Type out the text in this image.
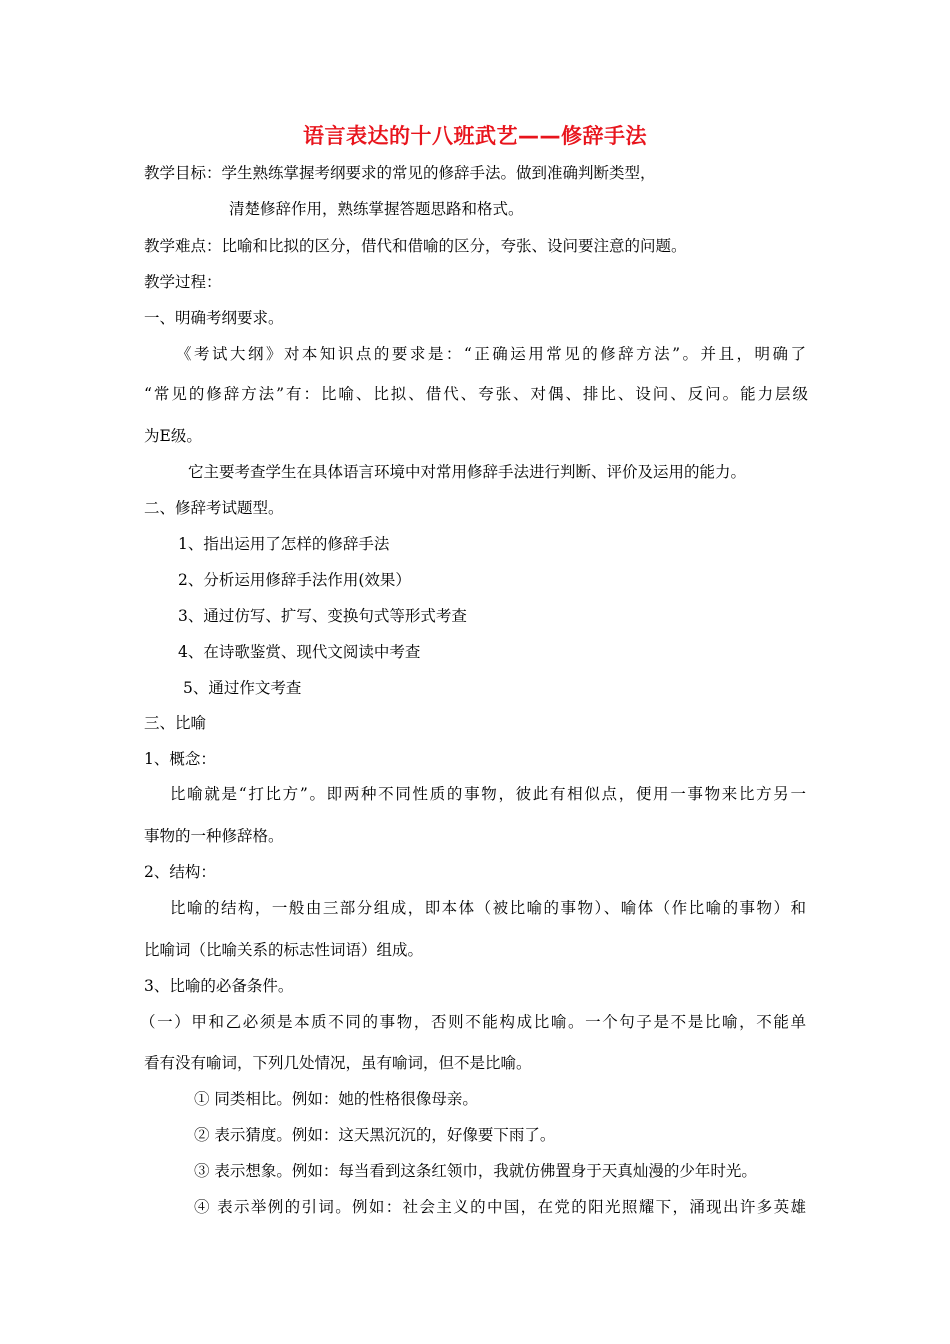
语言表达的十八班武艺——修辞手法
教学目标：学生熟练掌握考纲要求的常见的修辞手法。做到准确判断类型，
清楚修辞作用，熟练掌握答题思路和格式。
教学难点：比喻和比拟的区分，借代和借喻的区分，夸张、设问要注意的问题。
教学过程：
一、明确考纲要求。
《考试大纲》对本知识点的要求是：“正确运用常见的修辞方法”。并且，明确了
“常见的修辞方法”有：比喻、比拟、借代、夸张、对偶、排比、设问、反问。能力层级
为E级。
它主要考查学生在具体语言环境中对常用修辞手法进行判断、评价及运用的能力。
二、修辞考试题型。
1、指出运用了怎样的修辞手法
2、分析运用修辞手法作用(效果）
3、通过仿写、扩写、变换句式等形式考查
4、在诗歌鉴赏、现代文阅读中考查
5、通过作文考查
三、比喻
1、概念：
比喻就是“打比方”。即两种不同性质的事物，彼此有相似点，便用一事物来比方另一
事物的一种修辞格。
2、结构：
比喻的结构，一般由三部分组成，即本体（被比喻的事物）、喻体（作比喻的事物）和
比喻词（比喻关系的标志性词语）组成。
3、比喻的必备条件。
（一）甲和乙必须是本质不同的事物，否则不能构成比喻。一个句子是不是比喻，不能单
看有没有喻词，下列几处情况，虽有喻词，但不是比喻。
① 同类相比。例如：她的性格很像母亲。
② 表示猜度。例如：这天黑沉沉的，好像要下雨了。
③ 表示想象。例如：每当看到这条红领巾，我就仿佛置身于天真灿漫的少年时光。
④ 表示举例的引词。例如：社会主义的中国，在党的阳光照耀下，涌现出许多英雄
